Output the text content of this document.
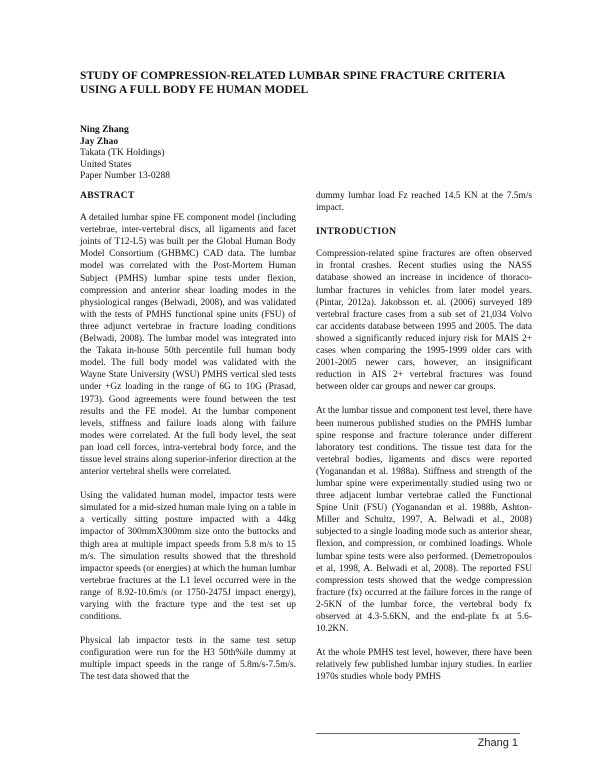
STUDY OF COMPRESSION-RELATED LUMBAR SPINE FRACTURE CRITERIA USING A FULL BODY FE HUMAN MODEL
Ning Zhang
Jay Zhao
Takata (TK Holdings)
United States
Paper Number 13-0288
ABSTRACT

A detailed lumbar spine FE component model (including vertebrae, inter-vertebral discs, all ligaments and facet joints of T12-L5) was built per the Global Human Body Model Consortium (GHBMC) CAD data. The lumbar model was correlated with the Post-Mortem Human Subject (PMHS) lumbar spine tests under flexion, compression and anterior shear loading modes in the physiological ranges (Belwadi, 2008), and was validated with the tests of PMHS functional spine units (FSU) of three adjunct vertebrae in fracture loading conditions (Belwadi, 2008). The lumbar model was integrated into the Takata in-house 50th percentile full human body model. The full body model was validated with the Wayne State University (WSU) PMHS vertical sled tests under +Gz loading in the range of 6G to 10G (Prasad, 1973). Good agreements were found between the test results and the FE model. At the lumbar component levels, stiffness and failure loads along with failure modes were correlated. At the full body level, the seat pan load cell forces, intra-vertebral body force, and the tissue level strains along superior-inferior direction at the anterior vertebral shells were correlated.

Using the validated human model, impactor tests were simulated for a mid-sized human male lying on a table in a vertically sitting posture impacted with a 44kg impactor of 300mmX300mm size onto the buttocks and thigh area at multiple impact speeds from 5.8 m/s to 15 m/s. The simulation results showed that the threshold impactor speeds (or energies) at which the human lumbar vertebrae fractures at the L1 level occurred were in the range of 8.92-10.6m/s (or 1750-2475J impact energy), varying with the fracture type and the test set up conditions.

Physical lab impactor tests in the same test setup configuration were run for the H3 50th%ile dummy at multiple impact speeds in the range of 5.8m/s-7.5m/s. The test data showed that the

dummy lumbar load Fz reached 14.5 KN at the 7.5m/s impact.

INTRODUCTION

Compression-related spine fractures are often observed in frontal crashes. Recent studies using the NASS database showed an increase in incidence of thoraco-lumbar fractures in vehicles from later model years. (Pintar, 2012a). Jakobsson et. al. (2006) surveyed 189 vertebral fracture cases from a sub set of 21,034 Volvo car accidents database between 1995 and 2005. The data showed a significantly reduced injury risk for MAIS 2+ cases when comparing the 1995-1999 older cars with 2001-2005 newer cars, however, an insignificant reduction in AIS 2+ vertebral fractures was found between older car groups and newer car groups.

At the lumbar tissue and component test level, there have been numerous published studies on the PMHS lumbar spine response and fracture tolerance under different laboratory test conditions. The tissue test data for the vertebral bodies, ligaments and discs were reported (Yoganandan et al. 1988a). Stiffness and strength of the lumbar spine were experimentally studied using two or three adjacent lumbar vertebrae called the Functional Spine Unit (FSU) (Yoganandan et al. 1988b, Ashton-Miller and Schultz, 1997, A. Belwadi et al., 2008) subjected to a single loading mode such as anterior shear, flexion, and compression, or combined loadings. Whole lumbar spine tests were also performed. (Demetropoulos et al, 1998, A. Belwadi et al, 2008). The reported FSU compression tests showed that the wedge compression fracture (fx) occurred at the failure forces in the range of 2-5KN of the lumbar force, the vertebral body fx observed at 4.3-5.6KN, and the end-plate fx at 5.6-10.2KN.

At the whole PMHS test level, however, there have been relatively few published lumbar injury studies. In earlier 1970s studies whole body PMHS

Zhang 1
